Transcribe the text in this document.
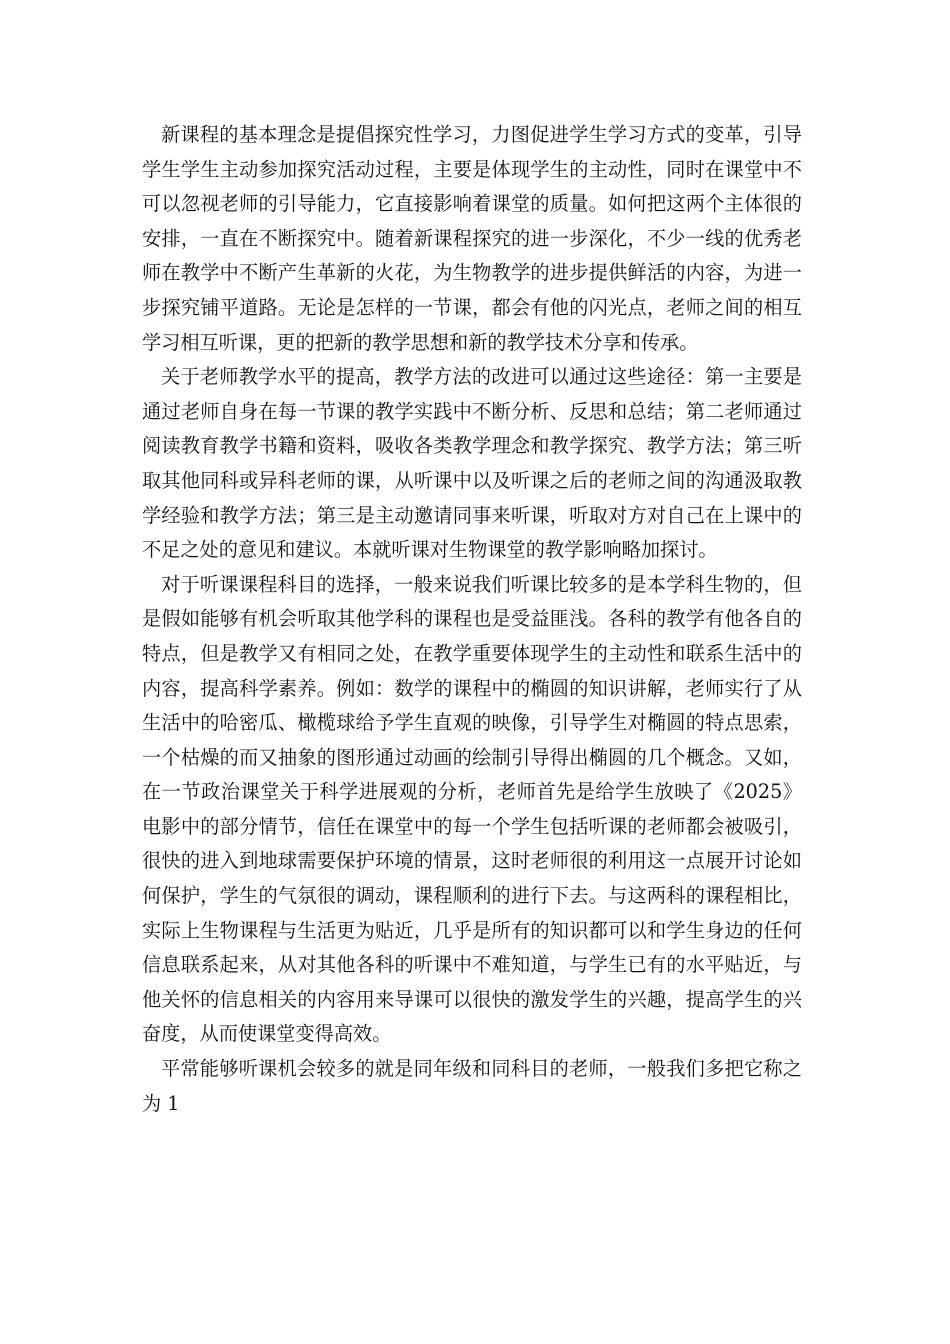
新课程的基本理念是提倡探究性学习，力图促进学生学习方式的变革，引导学生学生主动参加探究活动过程，主要是体现学生的主动性，同时在课堂中不可以忽视老师的引导能力，它直接影响着课堂的质量。如何把这两个主体很的安排，一直在不断探究中。随着新课程探究的进一步深化，不少一线的优秀老师在教学中不断产生革新的火花，为生物教学的进步提供鲜活的内容，为进一步探究铺平道路。无论是怎样的一节课，都会有他的闪光点，老师之间的相互学习相互听课，更的把新的教学思想和新的教学技术分享和传承。

关于老师教学水平的提高，教学方法的改进可以通过这些途径：第一主要是通过老师自身在每一节课的教学实践中不断分析、反思和总结；第二老师通过阅读教育教学书籍和资料，吸收各类教学理念和教学探究、教学方法；第三听取其他同科或异科老师的课，从听课中以及听课之后的老师之间的沟通汲取教学经验和教学方法；第三是主动邀请同事来听课，听取对方对自己在上课中的不足之处的意见和建议。本就听课对生物课堂的教学影响略加探讨。

对于听课课程科目的选择，一般来说我们听课比较多的是本学科生物的，但是假如能够有机会听取其他学科的课程也是受益匪浅。各科的教学有他各自的特点，但是教学又有相同之处，在教学重要体现学生的主动性和联系生活中的内容，提高科学素养。例如：数学的课程中的椭圆的知识讲解，老师实行了从生活中的哈密瓜、橄榄球给予学生直观的映像，引导学生对椭圆的特点思索，一个枯燥的而又抽象的图形通过动画的绘制引导得出椭圆的几个概念。又如，在一节政治课堂关于科学进展观的分析，老师首先是给学生放映了《2025》电影中的部分情节，信任在课堂中的每一个学生包括听课的老师都会被吸引，很快的进入到地球需要保护环境的情景，这时老师很的利用这一点展开讨论如何保护，学生的气氛很的调动，课程顺利的进行下去。与这两科的课程相比，实际上生物课程与生活更为贴近，几乎是所有的知识都可以和学生身边的任何信息联系起来，从对其他各科的听课中不难知道，与学生已有的水平贴近，与他关怀的信息相关的内容用来导课可以很快的激发学生的兴趣，提高学生的兴奋度，从而使课堂变得高效。

平常能够听课机会较多的就是同年级和同科目的老师，一般我们多把它称之为 1
